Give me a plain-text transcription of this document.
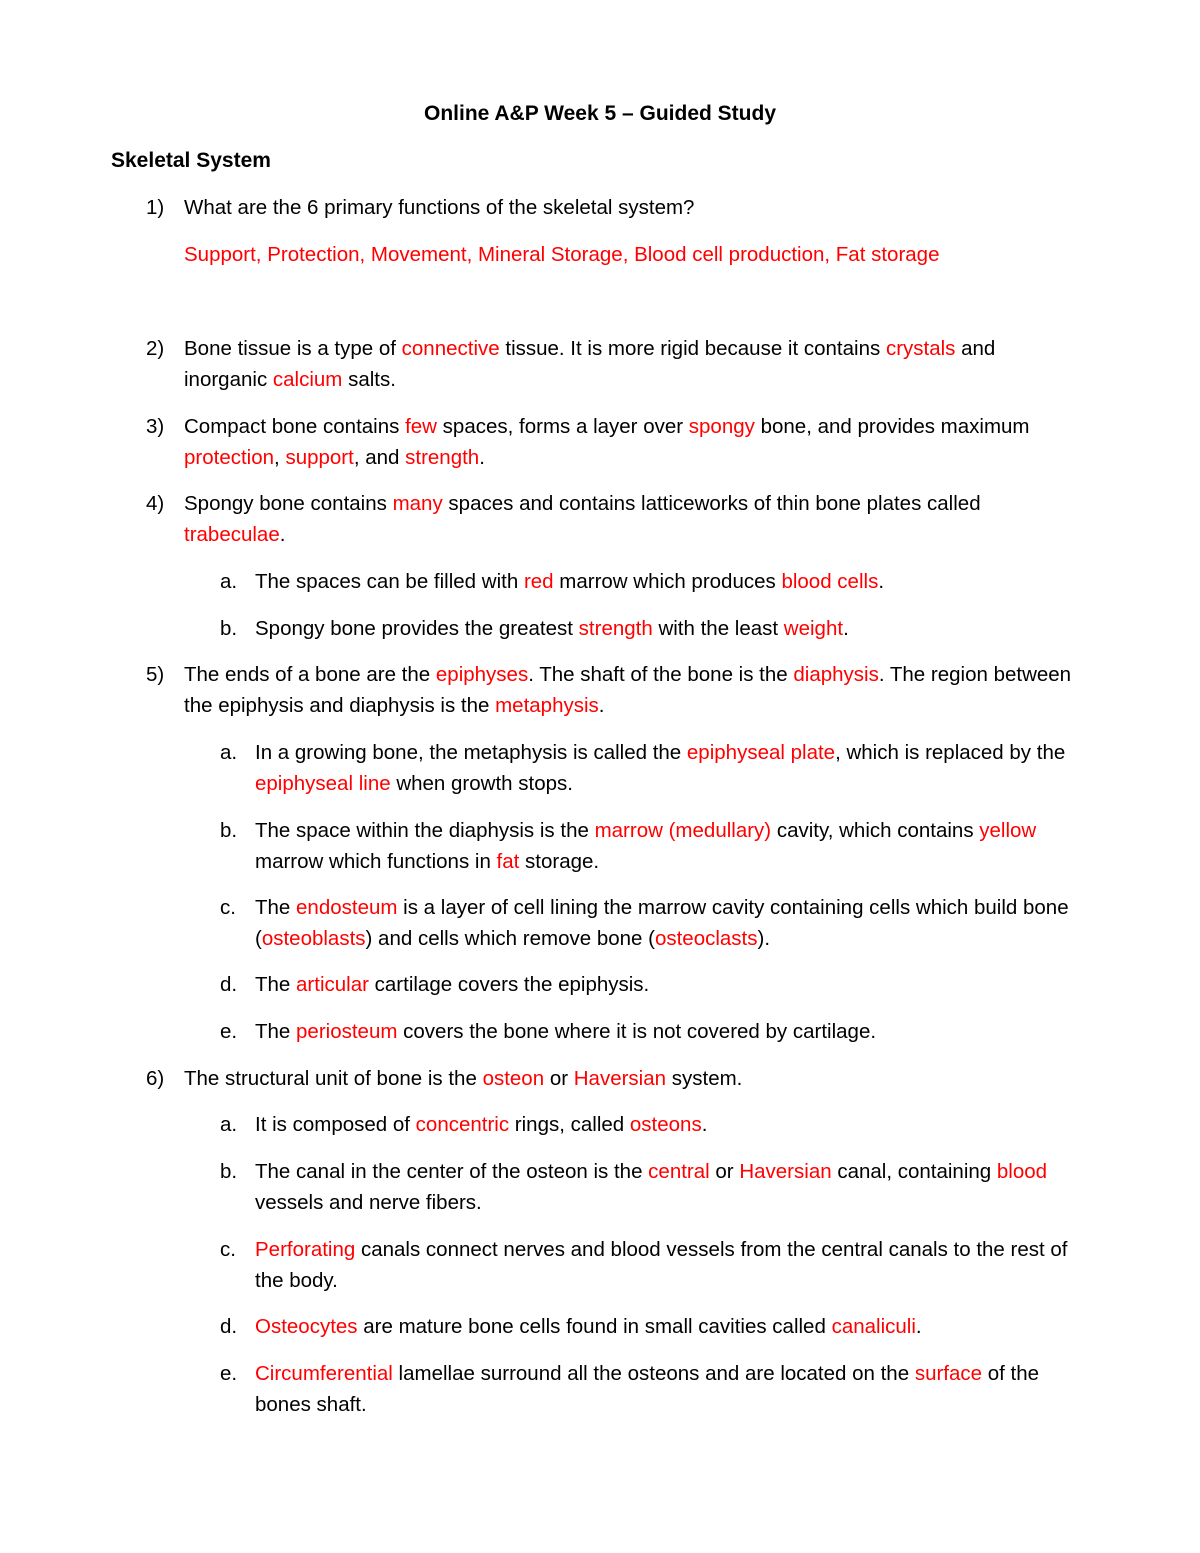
Online A&P Week 5 – Guided Study
Skeletal System
1) What are the 6 primary functions of the skeletal system?
Support, Protection, Movement, Mineral Storage, Blood cell production, Fat storage
2) Bone tissue is a type of connective tissue. It is more rigid because it contains crystals and inorganic calcium salts.
3) Compact bone contains few spaces, forms a layer over spongy bone, and provides maximum protection, support, and strength.
4) Spongy bone contains many spaces and contains latticeworks of thin bone plates called trabeculae.
a. The spaces can be filled with red marrow which produces blood cells.
b. Spongy bone provides the greatest strength with the least weight.
5) The ends of a bone are the epiphyses. The shaft of the bone is the diaphysis. The region between the epiphysis and diaphysis is the metaphysis.
a. In a growing bone, the metaphysis is called the epiphyseal plate, which is replaced by the epiphyseal line when growth stops.
b. The space within the diaphysis is the marrow (medullary) cavity, which contains yellow marrow which functions in fat storage.
c. The endosteum is a layer of cell lining the marrow cavity containing cells which build bone (osteoblasts) and cells which remove bone (osteoclasts).
d. The articular cartilage covers the epiphysis.
e. The periosteum covers the bone where it is not covered by cartilage.
6) The structural unit of bone is the osteon or Haversian system.
a. It is composed of concentric rings, called osteons.
b. The canal in the center of the osteon is the central or Haversian canal, containing blood vessels and nerve fibers.
c. Perforating canals connect nerves and blood vessels from the central canals to the rest of the body.
d. Osteocytes are mature bone cells found in small cavities called canaliculi.
e. Circumferential lamellae surround all the osteons and are located on the surface of the bones shaft.
